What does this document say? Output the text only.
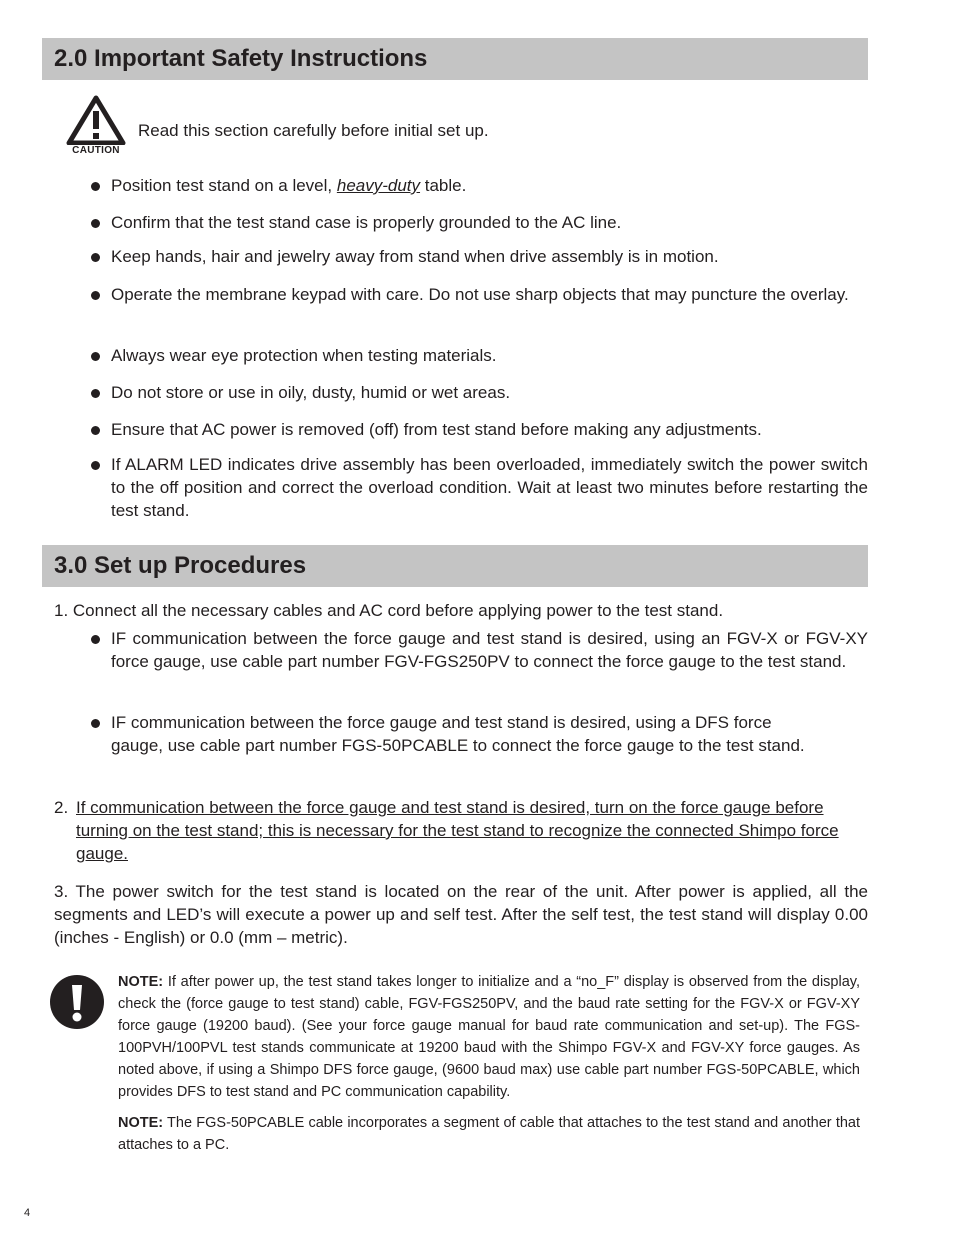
2.0 Important Safety Instructions
CAUTION
Read this section carefully before initial set up.
Position test stand on a level, heavy-duty table.
Confirm that the test stand case is properly grounded to the AC line.
Keep hands, hair and jewelry away from stand when drive assembly is in motion.
Operate the membrane keypad with care. Do not use sharp objects that may puncture the overlay.
Always wear eye protection when testing materials.
Do not store or use in oily, dusty, humid or wet areas.
Ensure that AC power is removed (off) from test stand before making any adjustments.
If ALARM LED indicates drive assembly has been overloaded, immediately switch the power switch to the off position and correct the overload condition. Wait at least two minutes before restarting the test stand.
3.0 Set up Procedures
1. Connect all the necessary cables and AC cord before applying power to the test stand.
IF communication between the force gauge and test stand is desired, using an FGV-X or FGV-XY force gauge, use cable part number FGV-FGS250PV to connect the force gauge to the test stand.
IF communication between the force gauge and test stand is desired, using a DFS force gauge, use cable part number FGS-50PCABLE to connect the force gauge to the test stand.
2. If communication between the force gauge and test stand is desired, turn on the force gauge before turning on the test stand; this is necessary for the test stand to recognize the connected Shimpo force gauge.
3. The power switch for the test stand is located on the rear of the unit. After power is applied, all the segments and LED’s will execute a power up and self test. After the self test, the test stand will display 0.00 (inches - English) or 0.0 (mm – metric).
NOTE: If after power up, the test stand takes longer to initialize and a “no_F” display is observed from the display, check the (force gauge to test stand) cable, FGV-FGS250PV, and the baud rate setting for the FGV-X or FGV-XY force gauge (19200 baud). (See your force gauge manual for baud rate communication and set-up). The FGS-100PVH/100PVL test stands communicate at 19200 baud with the Shimpo FGV-X and FGV-XY force gauges. As noted above, if using a Shimpo DFS force gauge, (9600 baud max) use cable part number FGS-50PCABLE, which provides DFS to test stand and PC communication capability.
NOTE: The FGS-50PCABLE cable incorporates a segment of cable that attaches to the test stand and another that attaches to a PC.
4
